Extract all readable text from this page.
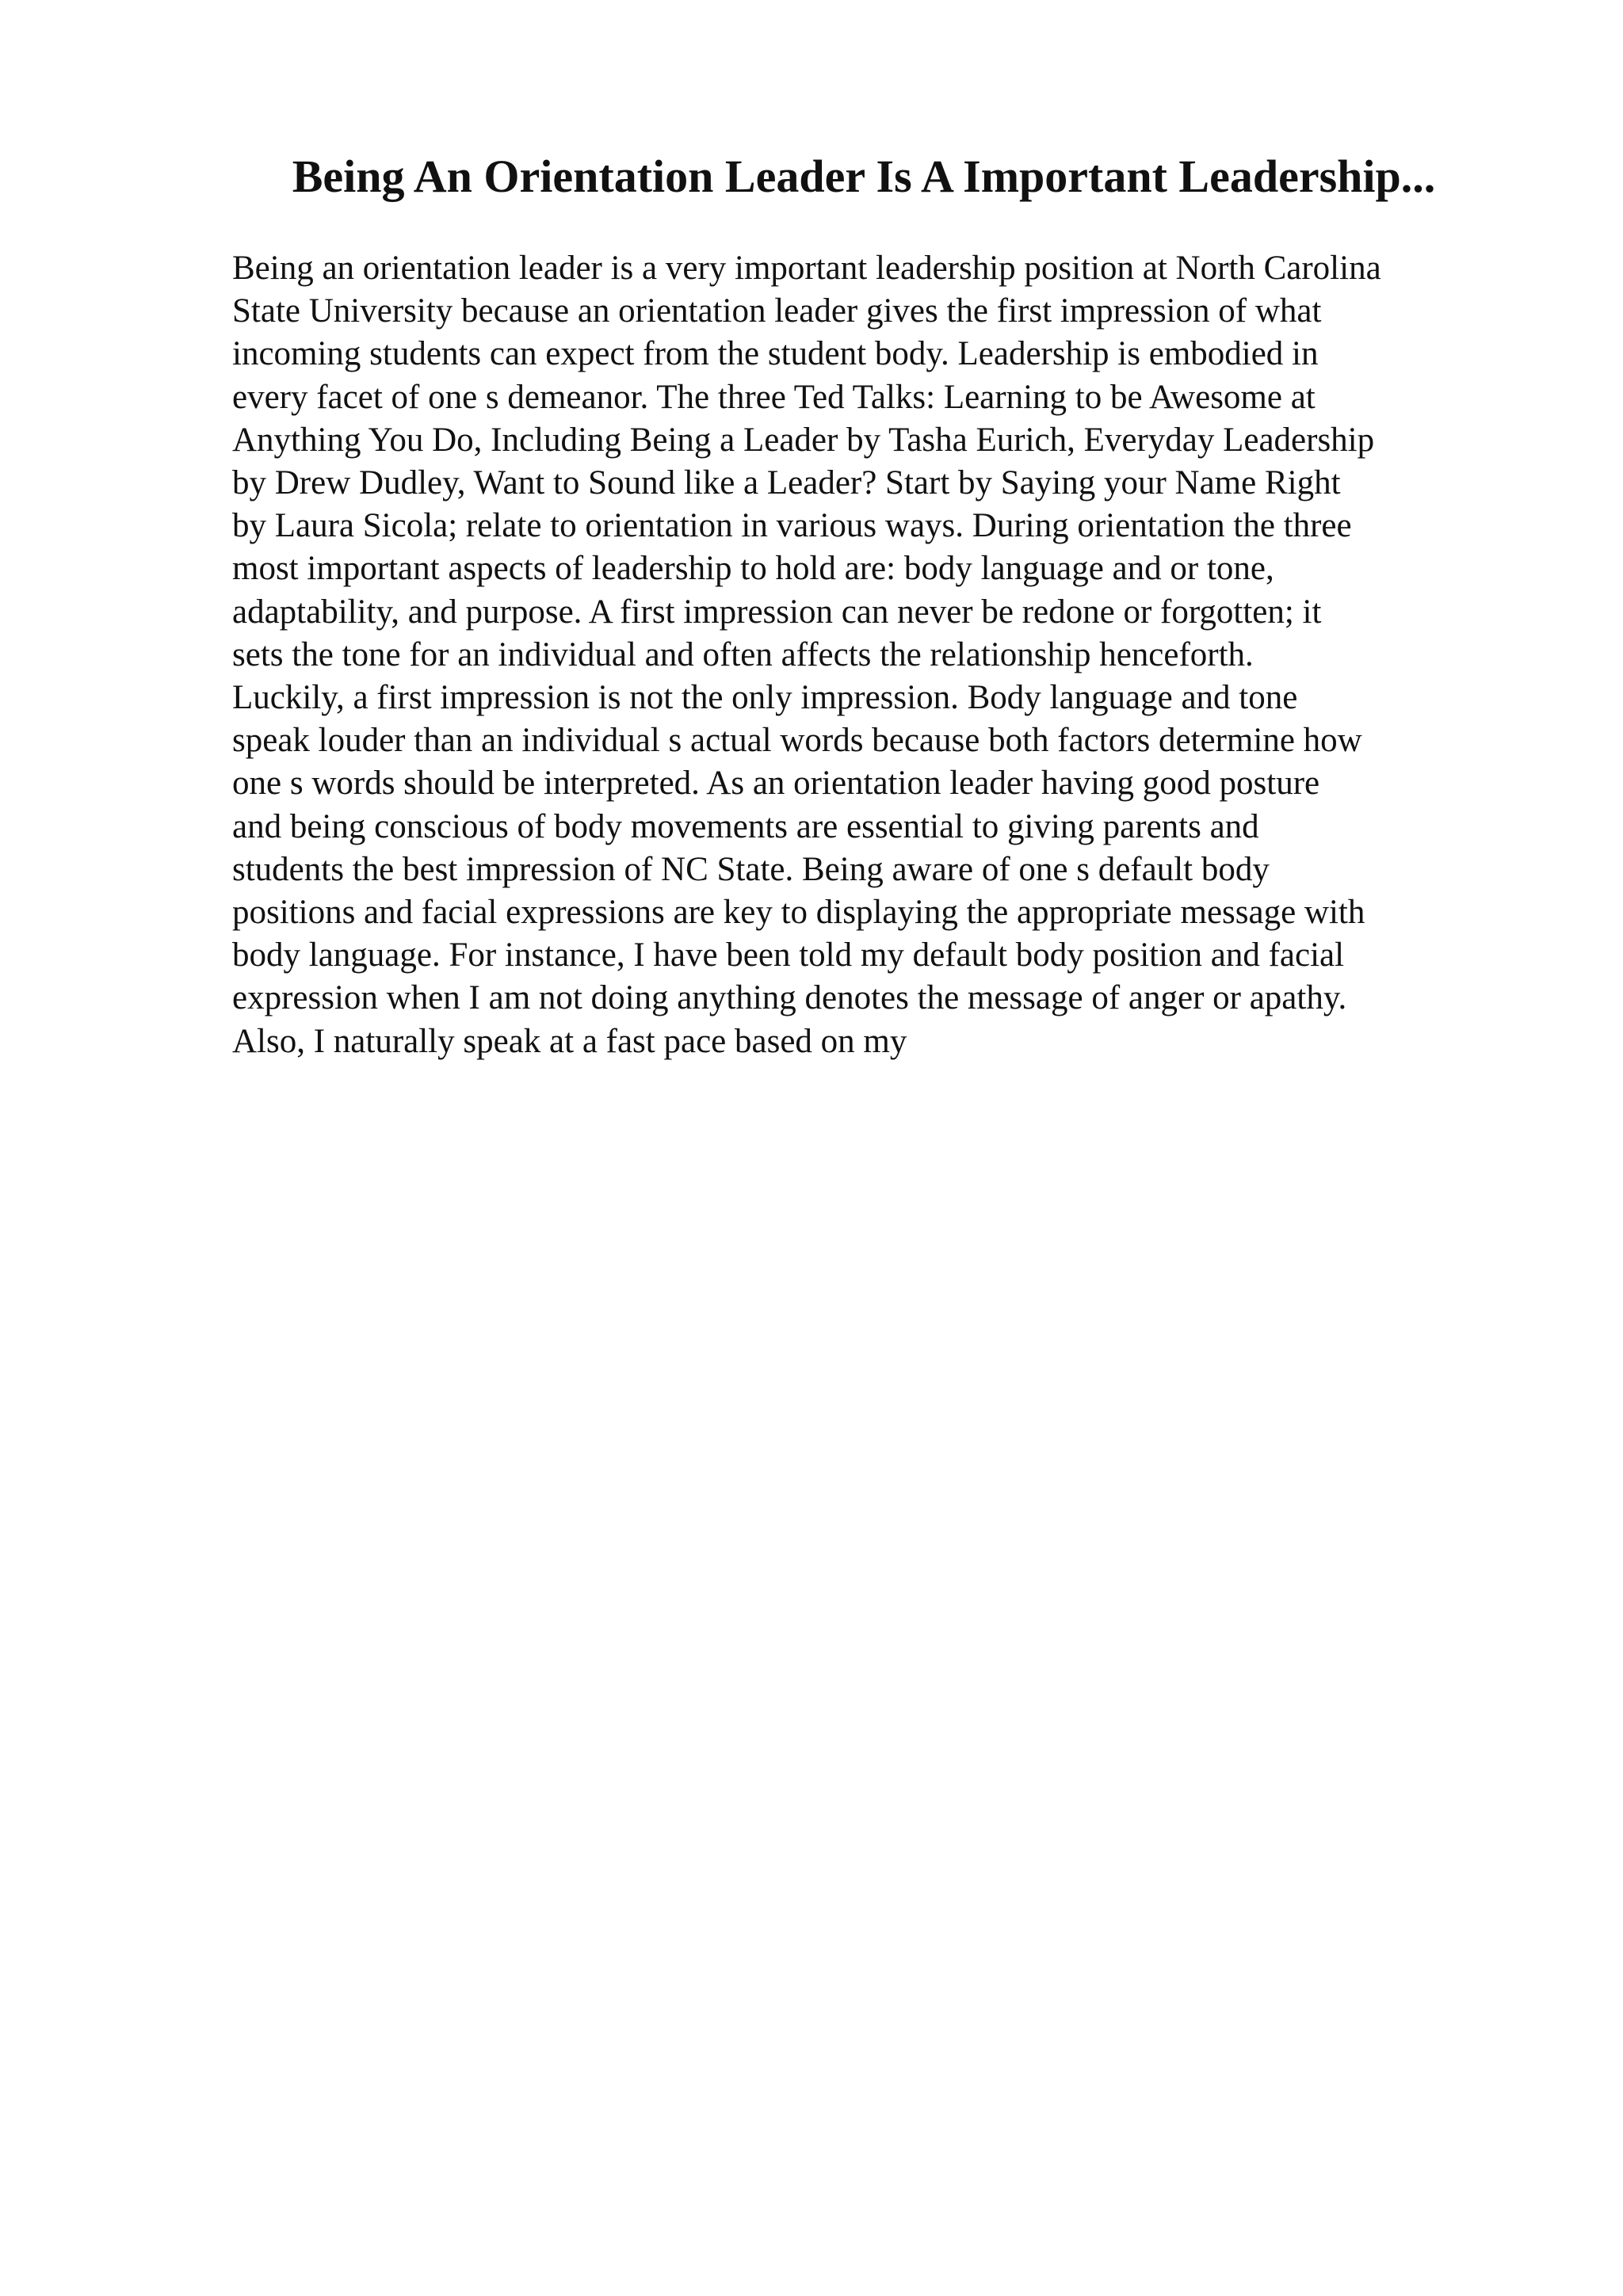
Being An Orientation Leader Is A Important Leadership...
Being an orientation leader is a very important leadership position at North Carolina
State University because an orientation leader gives the first impression of what
incoming students can expect from the student body. Leadership is embodied in
every facet of one s demeanor. The three Ted Talks: Learning to be Awesome at
Anything You Do, Including Being a Leader by Tasha Eurich, Everyday Leadership
by Drew Dudley, Want to Sound like a Leader? Start by Saying your Name Right
by Laura Sicola; relate to orientation in various ways. During orientation the three
most important aspects of leadership to hold are: body language and or tone,
adaptability, and purpose. A first impression can never be redone or forgotten; it
sets the tone for an individual and often affects the relationship henceforth.
Luckily, a first impression is not the only impression. Body language and tone
speak louder than an individual s actual words because both factors determine how
one s words should be interpreted. As an orientation leader having good posture
and being conscious of body movements are essential to giving parents and
students the best impression of NC State. Being aware of one s default body
positions and facial expressions are key to displaying the appropriate message with
body language. For instance, I have been told my default body position and facial
expression when I am not doing anything denotes the message of anger or apathy.
Also, I naturally speak at a fast pace based on my
